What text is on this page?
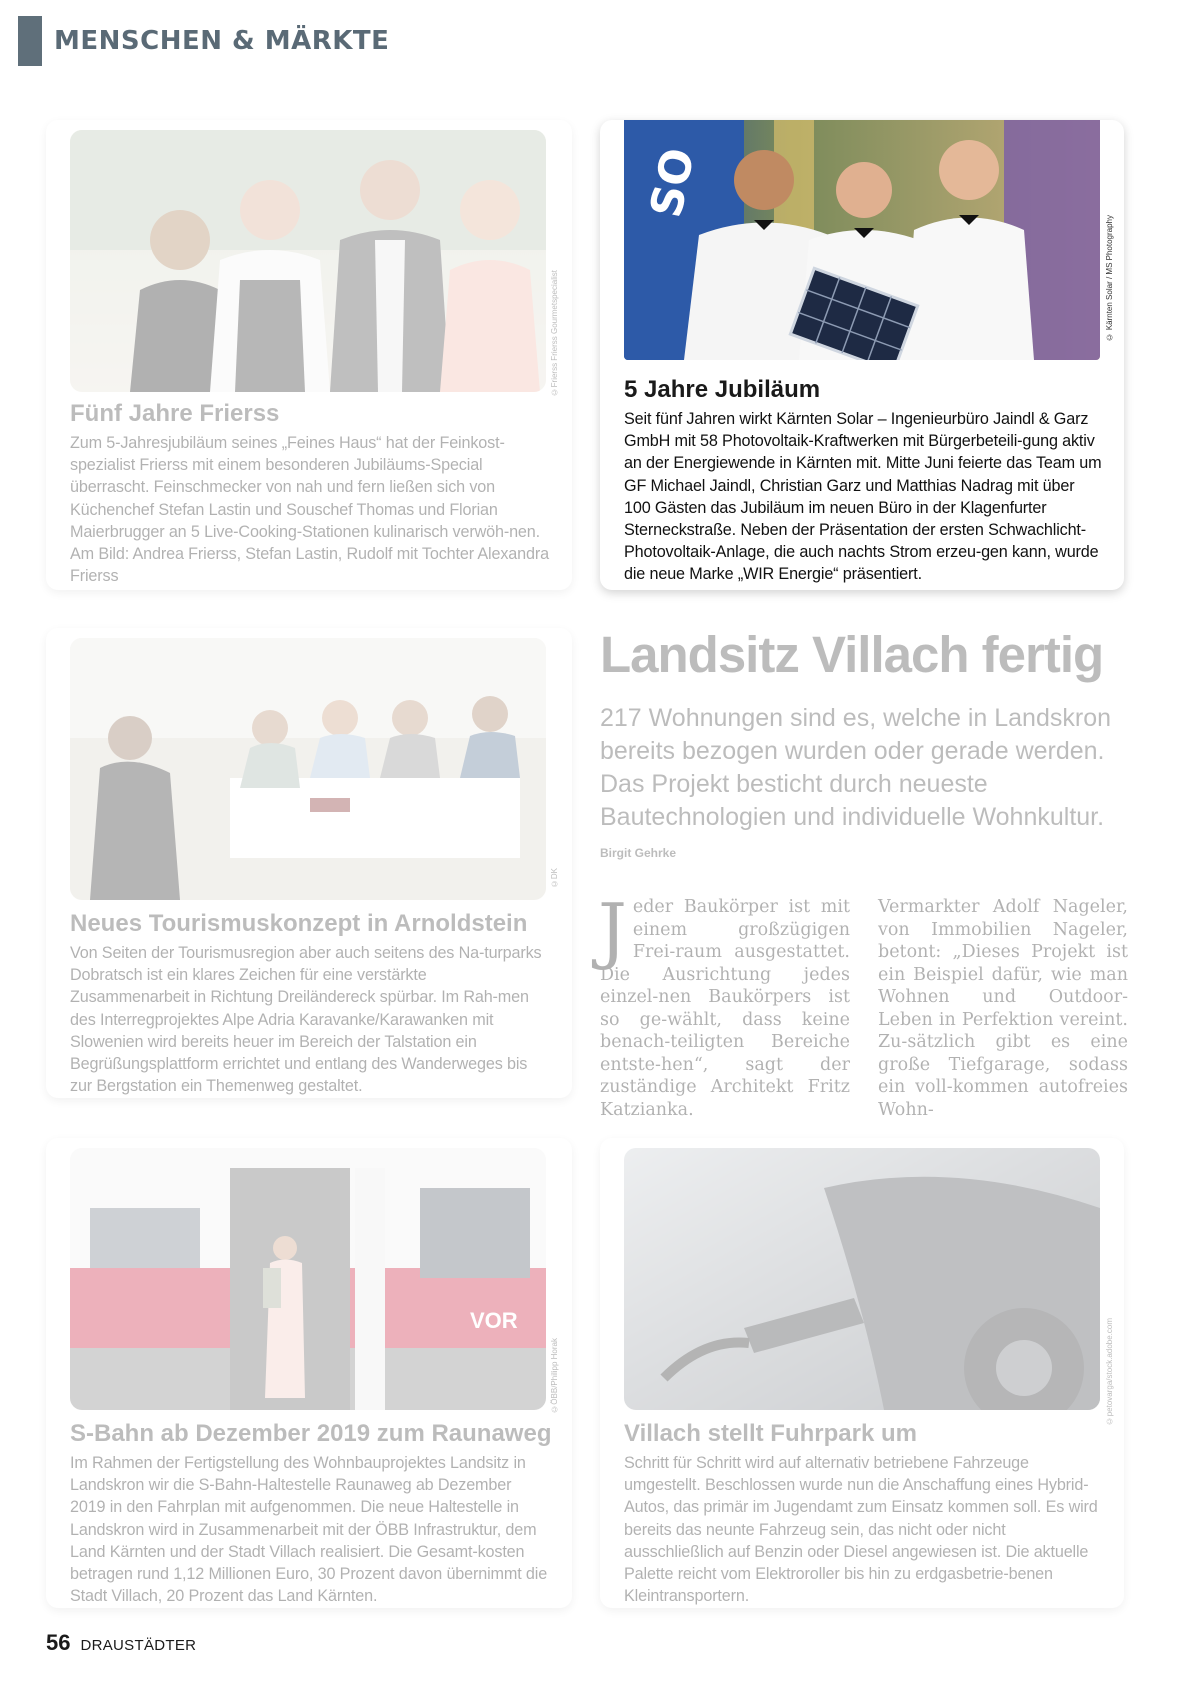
MENSCHEN & MÄRKTE
©Frierss Frierss Gourmetspecialist
Fünf Jahre Frierss
Zum 5-Jahresjubiläum seines „Feines Haus“ hat der Feinkost-spezialist Frierss mit einem besonderen Jubiläums-Special überrascht. Feinschmecker von nah und fern ließen sich von Küchenchef Stefan Lastin und Souschef Thomas und Florian Maierbrugger an 5 Live-Cooking-Stationen kulinarisch verwöh-nen. Am Bild: Andrea Frierss, Stefan Lastin, Rudolf mit Tochter Alexandra Frierss
SO
© Kärnten Solar / MS Photography
5 Jahre Jubiläum
Seit fünf Jahren wirkt Kärnten Solar – Ingenieurbüro Jaindl & Garz GmbH mit 58 Photovoltaik-Kraftwerken mit Bürgerbeteili-gung aktiv an der Energiewende in Kärnten mit. Mitte Juni feierte das Team um GF Michael Jaindl, Christian Garz und Matthias Nadrag mit über 100 Gästen das Jubiläum im neuen Büro in der Klagenfurter Sterneckstraße. Neben der Präsentation der ersten Schwachlicht-Photovoltaik-Anlage, die auch nachts Strom erzeu-gen kann, wurde die neue Marke „WIR Energie“ präsentiert.
©DK
Neues Tourismuskonzept in Arnoldstein
Von Seiten der Tourismusregion aber auch seitens des Na-turparks Dobratsch ist ein klares Zeichen für eine verstärkte Zusammenarbeit in Richtung Dreiländereck spürbar. Im Rah-men des Interregprojektes Alpe Adria Karavanke/Karawanken mit Slowenien wird bereits heuer im Bereich der Talstation ein Begrüßungsplattform errichtet und entlang des Wanderweges bis zur Bergstation ein Themenweg gestaltet.
Landsitz Villach fertig
217 Wohnungen sind es, welche in Landskron bereits bezogen wurden oder gerade werden. Das Projekt besticht durch neueste Bautechnologien und individuelle Wohnkultur.
Birgit Gehrke
Jeder Baukörper ist mit einem großzügigen Frei-raum ausgestattet. Die Ausrichtung jedes einzel-nen Baukörpers ist so ge-wählt, dass keine benach-teiligten Bereiche entste-hen“, sagt der zuständige Architekt Fritz Katzianka.
Vermarkter Adolf Nageler, von Immobilien Nageler, betont: „Dieses Projekt ist ein Beispiel dafür, wie man Wohnen und Outdoor-Leben in Perfektion vereint. Zu-sätzlich gibt es eine große Tiefgarage, sodass ein voll-kommen autofreies Wohn-
VOR
©ÖBB/Philipp Horak
S-Bahn ab Dezember 2019 zum Raunaweg
Im Rahmen der Fertigstellung des Wohnbauprojektes Landsitz in Landskron wir die S-Bahn-Haltestelle Raunaweg ab Dezember 2019 in den Fahrplan mit aufgenommen. Die neue Haltestelle in Landskron wird in Zusammenarbeit mit der ÖBB Infrastruktur, dem Land Kärnten und der Stadt Villach realisiert. Die Gesamt-kosten betragen rund 1,12 Millionen Euro, 30 Prozent davon übernimmt die Stadt Villach, 20 Prozent das Land Kärnten.
©petovarga/stock.adobe.com
Villach stellt Fuhrpark um
Schritt für Schritt wird auf alternativ betriebene Fahrzeuge umgestellt. Beschlossen wurde nun die Anschaffung eines Hybrid-Autos, das primär im Jugendamt zum Einsatz kommen soll. Es wird bereits das neunte Fahrzeug sein, das nicht oder nicht ausschließlich auf Benzin oder Diesel angewiesen ist. Die aktuelle Palette reicht vom Elektroroller bis hin zu erdgasbetrie-benen Kleintransportern.
56 DRAUSTÄDTER
